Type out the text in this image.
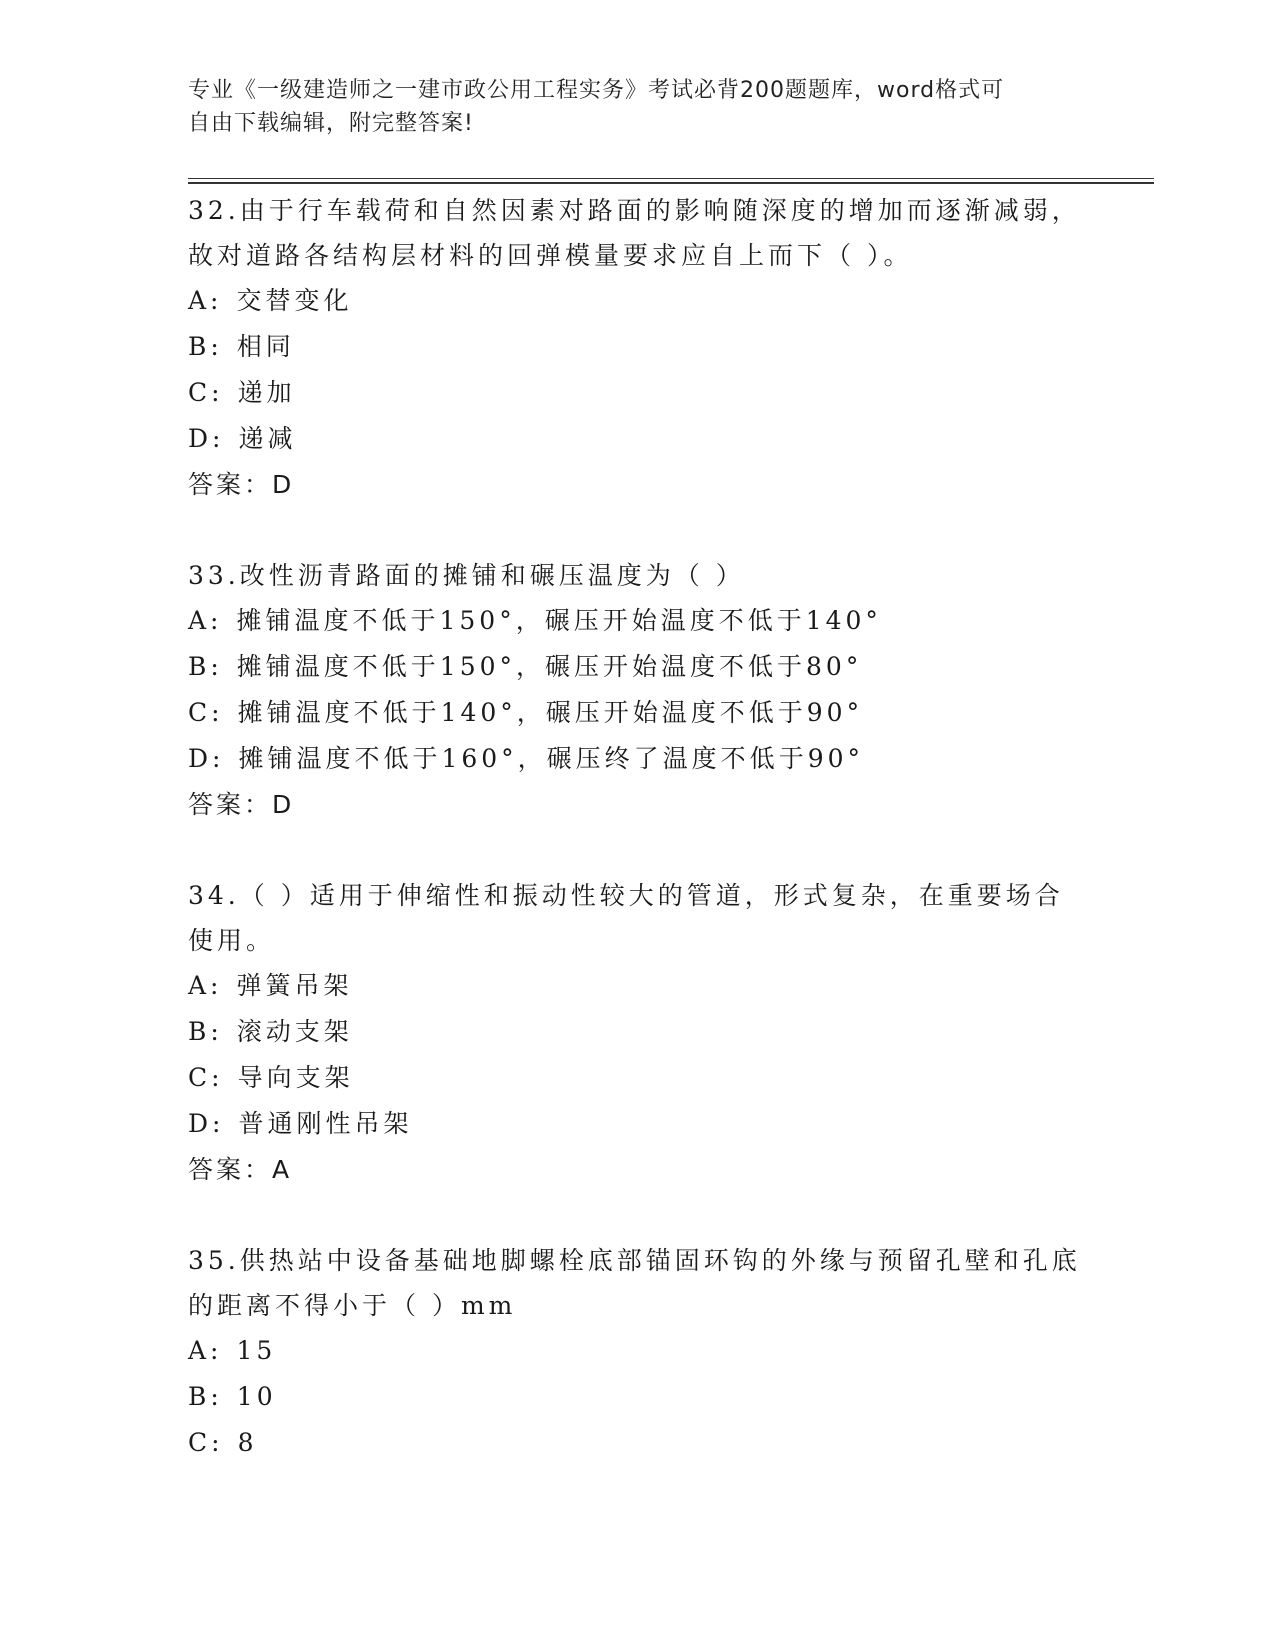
专业《一级建造师之一建市政公用工程实务》考试必背200题题库，word格式可
自由下载编辑，附完整答案!
32.由于行车载荷和自然因素对路面的影响随深度的增加而逐渐减弱，
故对道路各结构层材料的回弹模量要求应自上而下（ ）。
A: 交替变化
B: 相同
C: 递加
D: 递减
答案：D
33.改性沥青路面的摊铺和碾压温度为（ ）
A: 摊铺温度不低于150°，碾压开始温度不低于140°
B: 摊铺温度不低于150°，碾压开始温度不低于80°
C: 摊铺温度不低于140°，碾压开始温度不低于90°
D: 摊铺温度不低于160°，碾压终了温度不低于90°
答案：D
34.（ ）适用于伸缩性和振动性较大的管道，形式复杂，在重要场合
使用。
A: 弹簧吊架
B: 滚动支架
C: 导向支架
D: 普通刚性吊架
答案：A
35.供热站中设备基础地脚螺栓底部锚固环钩的外缘与预留孔壁和孔底
的距离不得小于（ ）mm
A: 15
B: 10
C: 8
